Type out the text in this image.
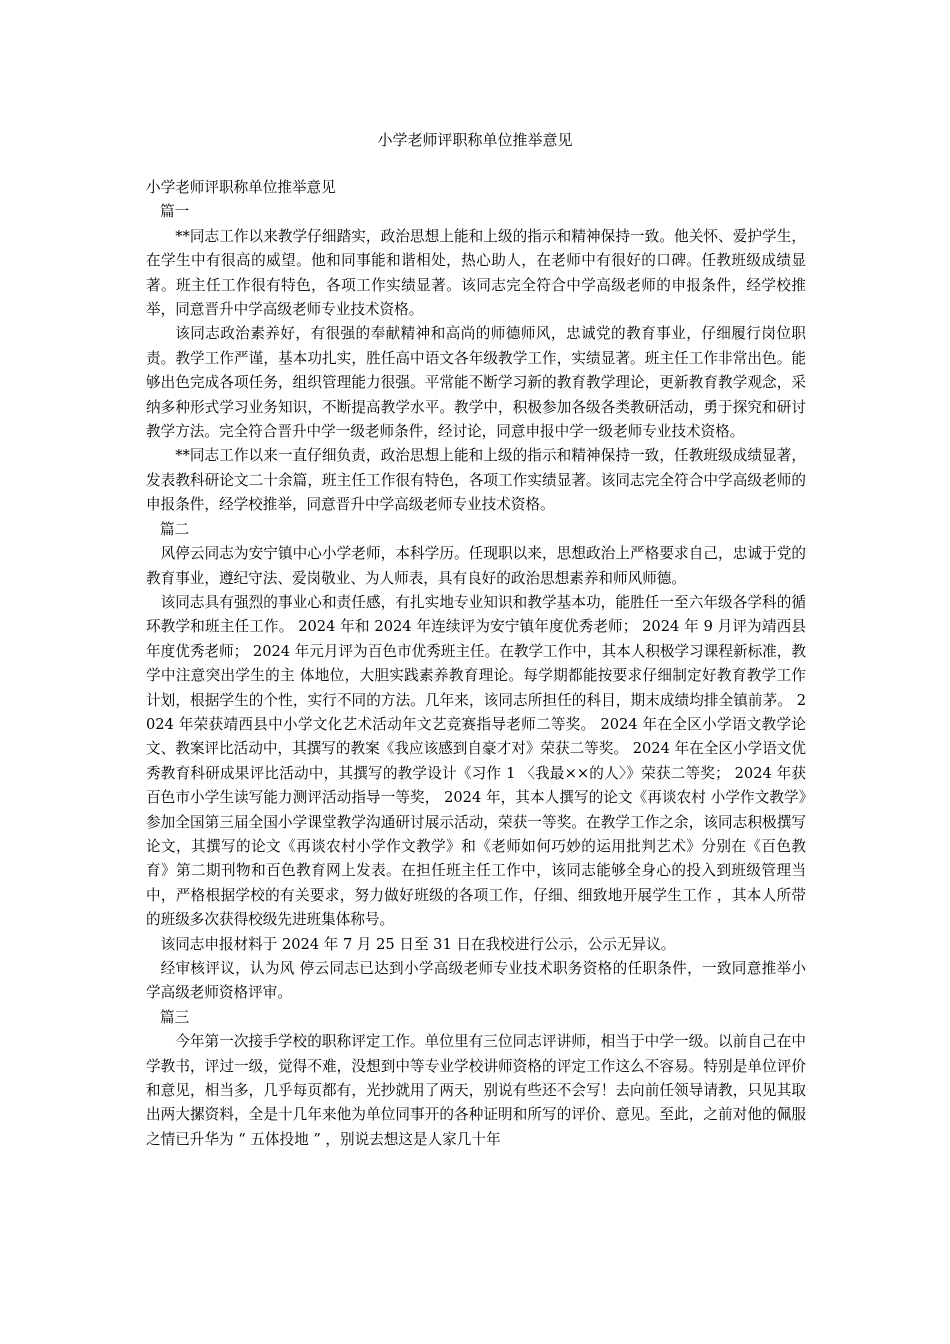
小学老师评职称单位推举意见

小学老师评职称单位推举意见

篇一

**同志工作以来教学仔细踏实，政治思想上能和上级的指示和精神保持一致。他关怀、爱护学生，在学生中有很高的威望。他和同事能和谐相处，热心助人，在老师中有很好的口碑。任教班级成绩显著。班主任工作很有特色，各项工作实绩显著。该同志完全符合中学高级老师的申报条件，经学校推举，同意晋升中学高级老师专业技术资格。

该同志政治素养好，有很强的奉献精神和高尚的师德师风，忠诚党的教育事业，仔细履行岗位职责。教学工作严谨，基本功扎实，胜任高中语文各年级教学工作，实绩显著。班主任工作非常出色。能够出色完成各项任务，组织管理能力很强。平常能不断学习新的教育教学理论，更新教育教学观念，采纳多种形式学习业务知识，不断提高教学水平。教学中，积极参加各级各类教研活动，勇于探究和研讨教学方法。完全符合晋升中学一级老师条件，经讨论，同意申报中学一级老师专业技术资格。

**同志工作以来一直仔细负责，政治思想上能和上级的指示和精神保持一致，任教班级成绩显著，发表教科研论文二十余篇，班主任工作很有特色，各项工作实绩显著。该同志完全符合中学高级老师的申报条件，经学校推举，同意晋升中学高级老师专业技术资格。

篇二

风停云同志为安宁镇中心小学老师，本科学历。任现职以来，思想政治上严格要求自己，忠诚于党的教育事业，遵纪守法、爱岗敬业、为人师表，具有良好的政治思想素养和师风师德。

该同志具有强烈的事业心和责任感，有扎实地专业知识和教学基本功，能胜任一至六年级各学科的循环教学和班主任工作。 2024 年和 2024 年连续评为安宁镇年度优秀老师； 2024 年 9 月评为靖西县年度优秀老师； 2024 年元月评为百色市优秀班主任。在教学工作中，其本人积极学习课程新标准，教学中注意突出学生的主 体地位，大胆实践素养教育理论。每学期都能按要求仔细制定好教育教学工作计划，根据学生的个性，实行不同的方法。几年来，该同志所担任的科目，期末成绩均排全镇前茅。 2024 年荣获靖西县中小学文化艺术活动年文艺竞赛指导老师二等奖。 2024 年在全区小学语文教学论文、教案评比活动中，其撰写的教案《我应该感到自豪才对》荣获二等奖。 2024 年在全区小学语文优秀教育科研成果评比活动中，其撰写的教学设计《习作 1 〈我最××的人〉》荣获二等奖； 2024 年获百色市小学生读写能力测评活动指导一等奖， 2024 年，其本人撰写的论文《再谈农村 小学作文教学》参加全国第三届全国小学课堂教学沟通研讨展示活动，荣获一等奖。在教学工作之余，该同志积极撰写论文，其撰写的论文《再谈农村小学作文教学》和《老师如何巧妙的运用批判艺术》分别在《百色教育》第二期刊物和百色教育网上发表。在担任班主任工作中，该同志能够全身心的投入到班级管理当中，严格根据学校的有关要求，努力做好班级的各项工作，仔细、细致地开展学生工作 ，其本人所带的班级多次获得校级先进班集体称号。

该同志申报材料于 2024 年 7 月 25 日至 31 日在我校进行公示，公示无异议。

经审核评议，认为风 停云同志已达到小学高级老师专业技术职务资格的任职条件，一致同意推举小学高级老师资格评审。

篇三

今年第一次接手学校的职称评定工作。单位里有三位同志评讲师，相当于中学一级。以前自己在中学教书，评过一级，觉得不难，没想到中等专业学校讲师资格的评定工作这么不容易。特别是单位评价和意见，相当多，几乎每页都有，光抄就用了两天，别说有些还不会写！去向前任领导请教，只见其取出两大摞资料，全是十几年来他为单位同事开的各种证明和所写的评价、意见。至此，之前对他的佩服之情已升华为 “ 五体投地 ” ，别说去想这是人家几十年
